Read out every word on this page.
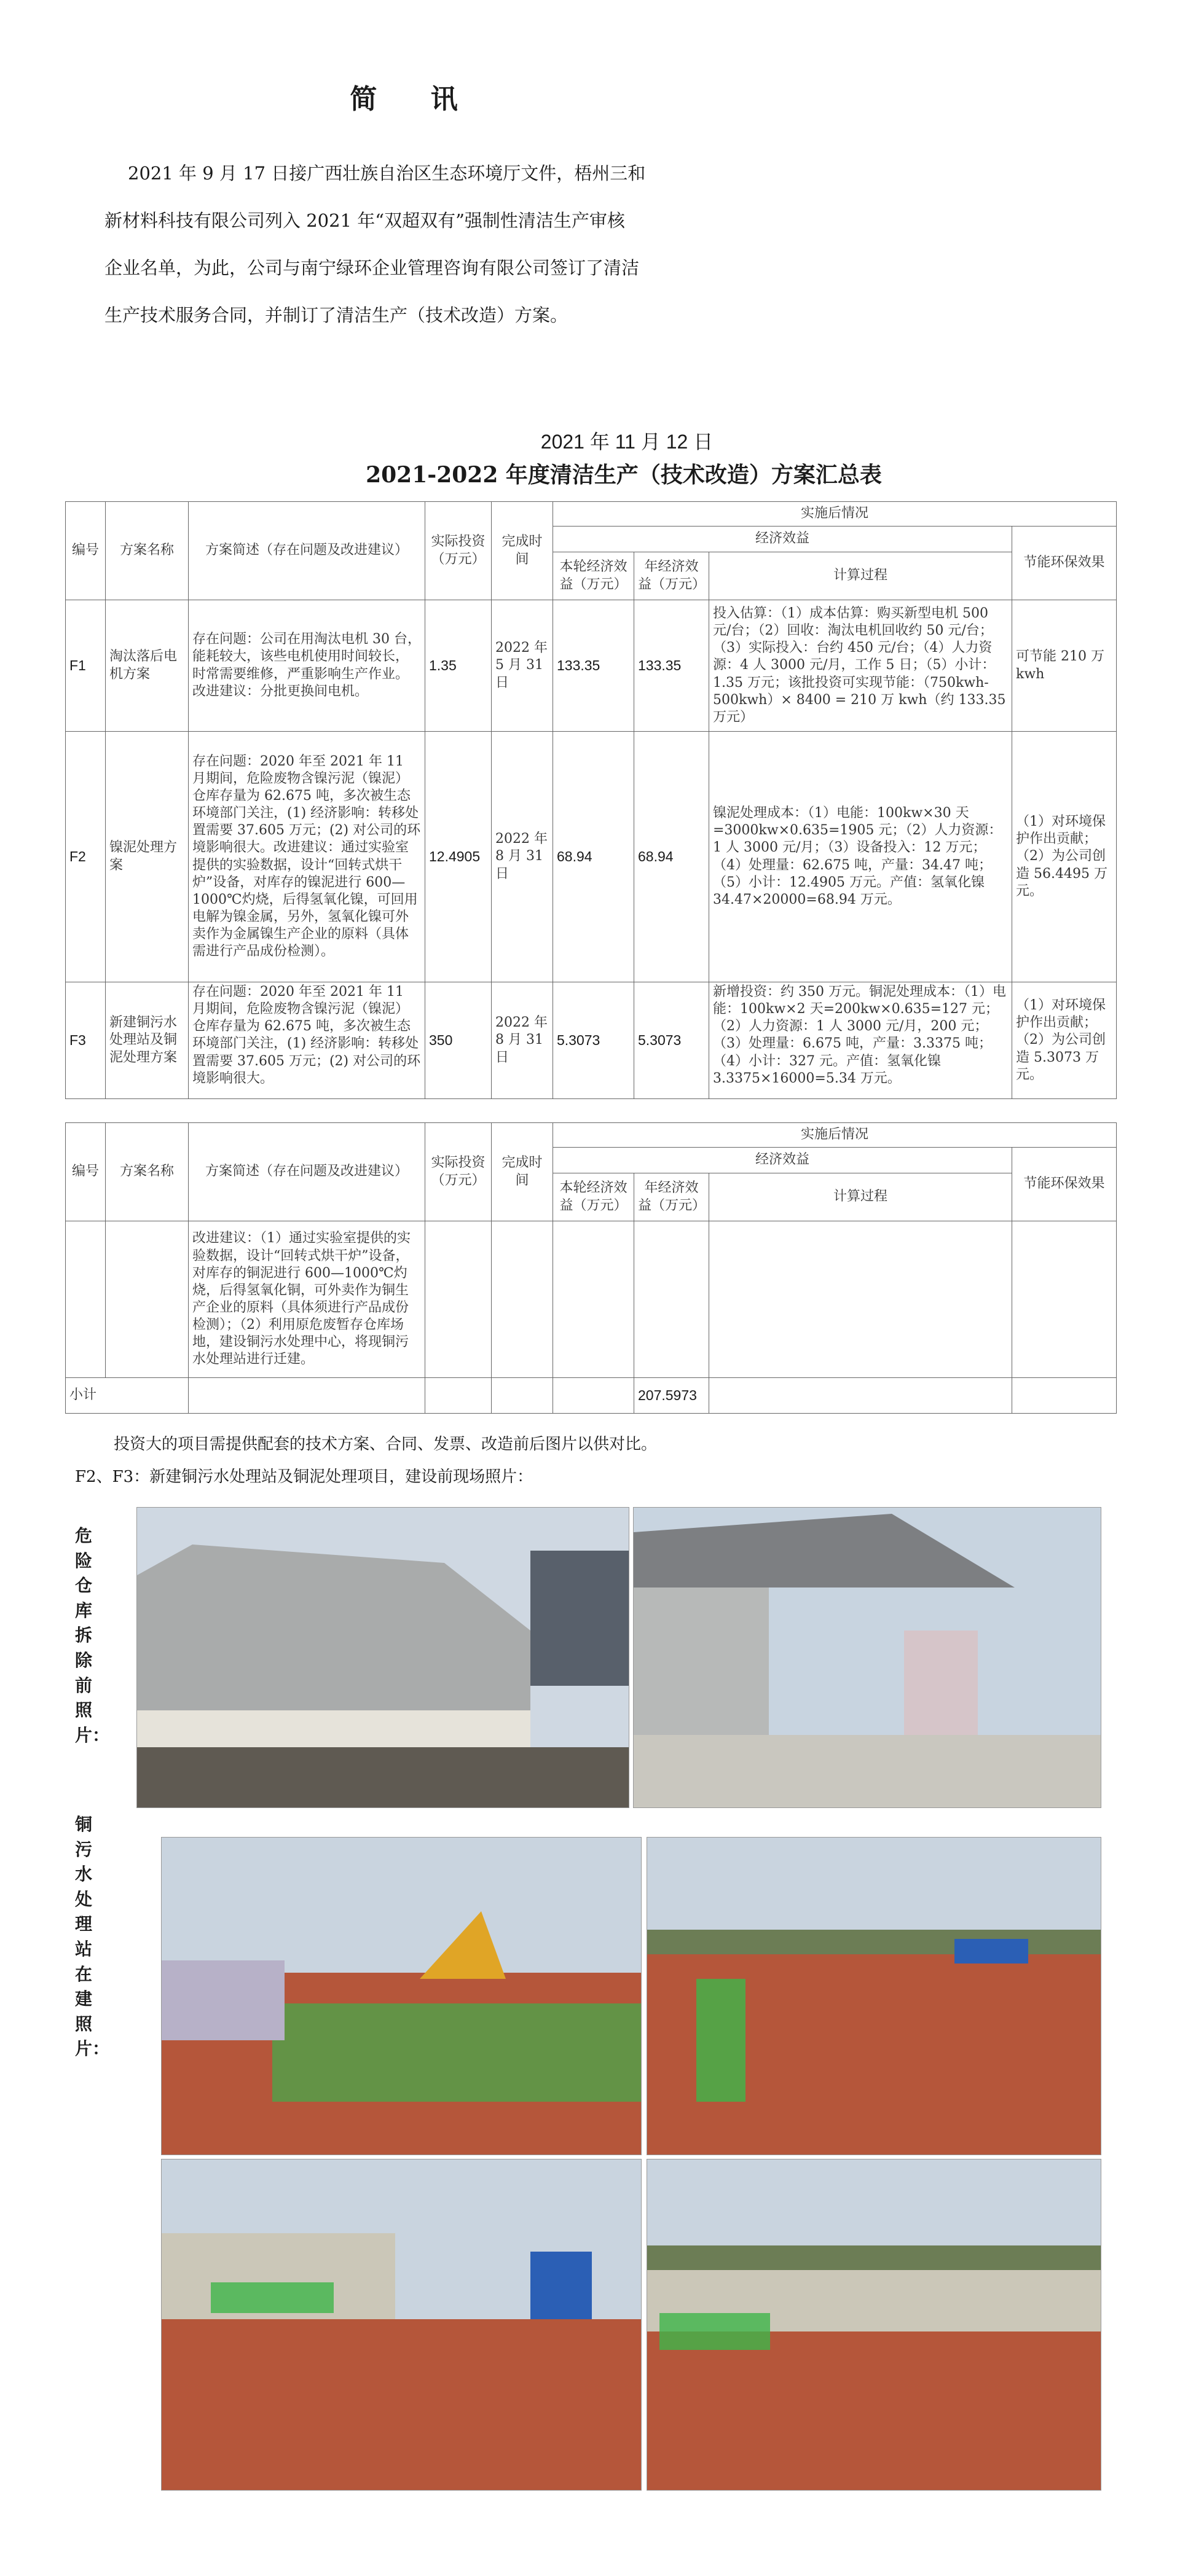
简 讯
2021 年 9 月 17 日接广西壮族自治区生态环境厅文件，梧州三和
新材料科技有限公司列入 2021 年“双超双有”强制性清洁生产审核
企业名单，为此，公司与南宁绿环企业管理咨询有限公司签订了清洁
生产技术服务合同，并制订了清洁生产（技术改造）方案。
2021 年 11 月 12 日
2021-2022 年度清洁生产（技术改造）方案汇总表
编号	方案名称	方案简述（存在问题及改进建议）	实际投资（万元）	完成时间	实施后情况			
					经济效益			节能环保效果
					本轮经济效益（万元）	年经济效益（万元）	计算过程	
F1	淘汰落后电机方案	存在问题：公司在用淘汰电机 30 台，能耗较大，该些电机使用时间较长，时常需要维修，严重影响生产作业。改进建议：分批更换间电机。	1.35	2022 年 5 月 31 日	133.35	133.35	投入估算：（1）成本估算：购买新型电机 500 元/台；（2）回收：淘汰电机回收约 50 元/台；（3）实际投入：台约 450 元/台；（4）人力资源：4 人 3000 元/月，工作 5 日；（5）小计：1.35 万元；该批投资可实现节能：（750kwh-500kwh）× 8400 = 210 万 kwh（约 133.35 万元）	可节能 210 万 kwh
F2	镍泥处理方案	存在问题：2020 年至 2021 年 11 月期间，危险废物含镍污泥（镍泥）仓库存量为 62.675 吨，多次被生态环境部门关注，(1) 经济影响：转移处置需要 37.605 万元；(2) 对公司的环境影响很大。改进建议：通过实验室提供的实验数据，设计“回转式烘干炉”设备，对库存的镍泥进行 600—1000℃灼烧，后得氢氧化镍，可回用电解为镍金属，另外，氢氧化镍可外卖作为金属镍生产企业的原料（具体需进行产品成份检测）。	12.4905	2022 年 8 月 31 日	68.94	68.94	镍泥处理成本：（1）电能：100kw×30 天=3000kw×0.635=1905 元；（2）人力资源：1 人 3000 元/月；（3）设备投入：12 万元；（4）处理量：62.675 吨，产量：34.47 吨；（5）小计：12.4905 万元。产值：氢氧化镍 34.47×20000=68.94 万元。	（1）对环境保护作出贡献；（2）为公司创造 56.4495 万元。
F3	新建铜污水处理站及铜泥处理方案	存在问题：2020 年至 2021 年 11 月期间，危险废物含镍污泥（镍泥）仓库存量为 62.675 吨，多次被生态环境部门关注，(1) 经济影响：转移处置需要 37.605 万元；(2) 对公司的环境影响很大。	350	2022 年 8 月 31 日	5.3073	5.3073	新增投资：约 350 万元。铜泥处理成本：（1）电能：100kw×2 天=200kw×0.635=127 元；（2）人力资源：1 人 3000 元/月，200 元；（3）处理量：6.675 吨，产量：3.3375 吨；（4）小计：327 元。产值：氢氧化镍 3.3375×16000=5.34 万元。	（1）对环境保护作出贡献；（2）为公司创造 5.3073 万元。
编号	方案名称	方案简述（存在问题及改进建议）	实际投资（万元）	完成时间	实施后情况			
					经济效益			节能环保效果
					本轮经济效益（万元）	年经济效益（万元）	计算过程	
		改进建议：（1）通过实验室提供的实验数据，设计“回转式烘干炉”设备，对库存的铜泥进行 600—1000℃灼烧，后得氢氧化铜，可外卖作为铜生产企业的原料（具体须进行产品成份检测）；（2）利用原危废暂存仓库场地，建设铜污水处理中心，将现铜污水处理站进行迁建。						
小计						207.5973		
投资大的项目需提供配套的技术方案、合同、发票、改造前后图片以供对比。
F2、F3：新建铜污水处理站及铜泥处理项目，建设前现场照片：
危险仓库拆除前照片：
铜污水处理站在建照片：
